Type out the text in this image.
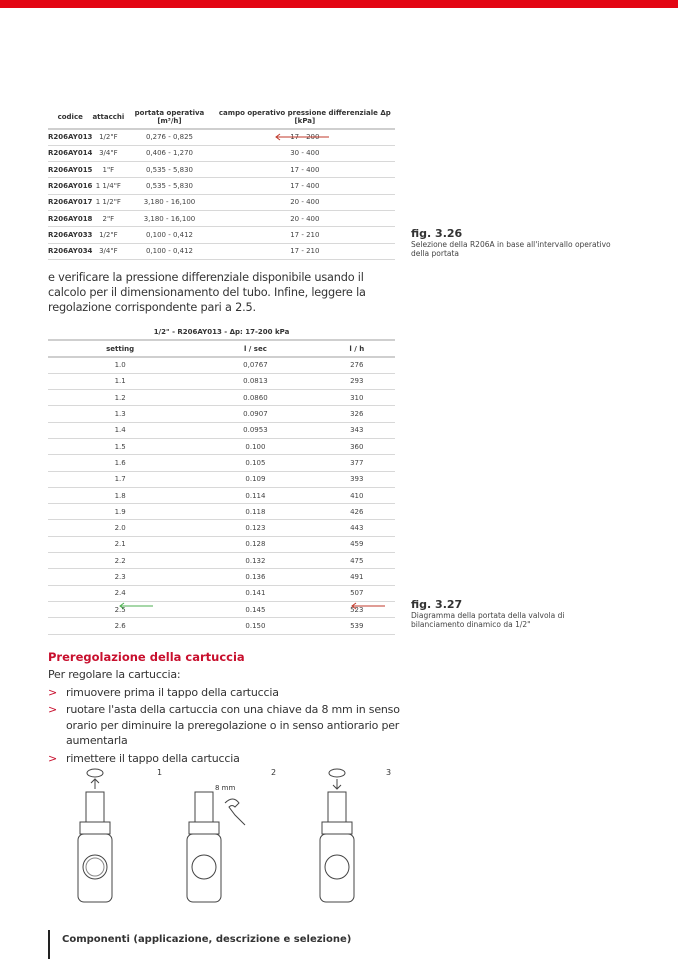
codice	attacchi	portata operativa [m³/h]	campo operativo pressione differenziale Δp [kPa]
R206AY013	1/2"F	0,276 - 0,825	17 - 200
R206AY014	3/4"F	0,406 - 1,270	30 - 400
R206AY015	1"F	0,535 - 5,830	17 - 400
R206AY016	1 1/4"F	0,535 - 5,830	17 - 400
R206AY017	1 1/2"F	3,180 - 16,100	20 - 400
R206AY018	2"F	3,180 - 16,100	20 - 400
R206AY033	1/2"F	0,100 - 0,412	17 - 210
R206AY034	3/4"F	0,100 - 0,412	17 - 210
fig. 3.26
Selezione della R206A in base all'intervallo operativo della portata

e verificare la pressione differenziale disponibile usando il calcolo per il dimensionamento del tubo. Infine, leggere la regolazione corrispondente pari a 2.5.

1/2" - R206AY013 - Δp: 17-200 kPa
setting	l / sec	l / h
1.0	0,0767	276
1.1	0.0813	293
1.2	0.0860	310
1.3	0.0907	326
1.4	0.0953	343
1.5	0.100	360
1.6	0.105	377
1.7	0.109	393
1.8	0.114	410
1.9	0.118	426
2.0	0.123	443
2.1	0.128	459
2.2	0.132	475
2.3	0.136	491
2.4	0.141	507
2.5	0.145	523
2.6	0.150	539
fig. 3.27
Diagramma della portata della valvola di bilanciamento dinamico da 1/2"
Preregolazione della cartuccia
Per regolare la cartuccia:
> rimuovere prima il tappo della cartuccia
> ruotare l'asta della cartuccia con una chiave da 8 mm in senso orario per diminuire la preregolazione o in senso antiorario per aumentarla
> rimettere il tappo della cartuccia
8 mm
1	2	3
Componenti (applicazione, descrizione e selezione)
